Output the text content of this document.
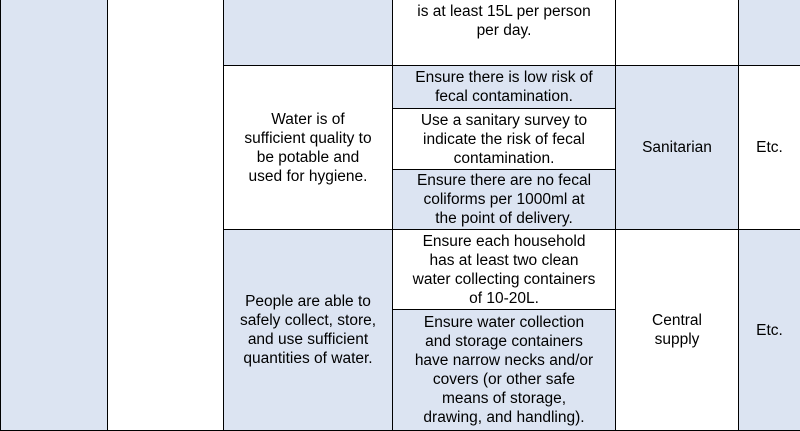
is at least 15L per person
per day.
Water is of
sufficient quality to
be potable and
used for hygiene.
Ensure there is low risk of
fecal contamination.
Use a sanitary survey to
indicate the risk of fecal
contamination.
Ensure there are no fecal
coliforms per 1000ml at
the point of delivery.
Sanitarian	Etc.
People are able to
safely collect, store,
and use sufficient
quantities of water.
Ensure each household
has at least two clean
water collecting containers
of 10-20L.
Ensure water collection
and storage containers
have narrow necks and/or
covers (or other safe
means of storage,
drawing, and handling).
Central
supply
Etc.
